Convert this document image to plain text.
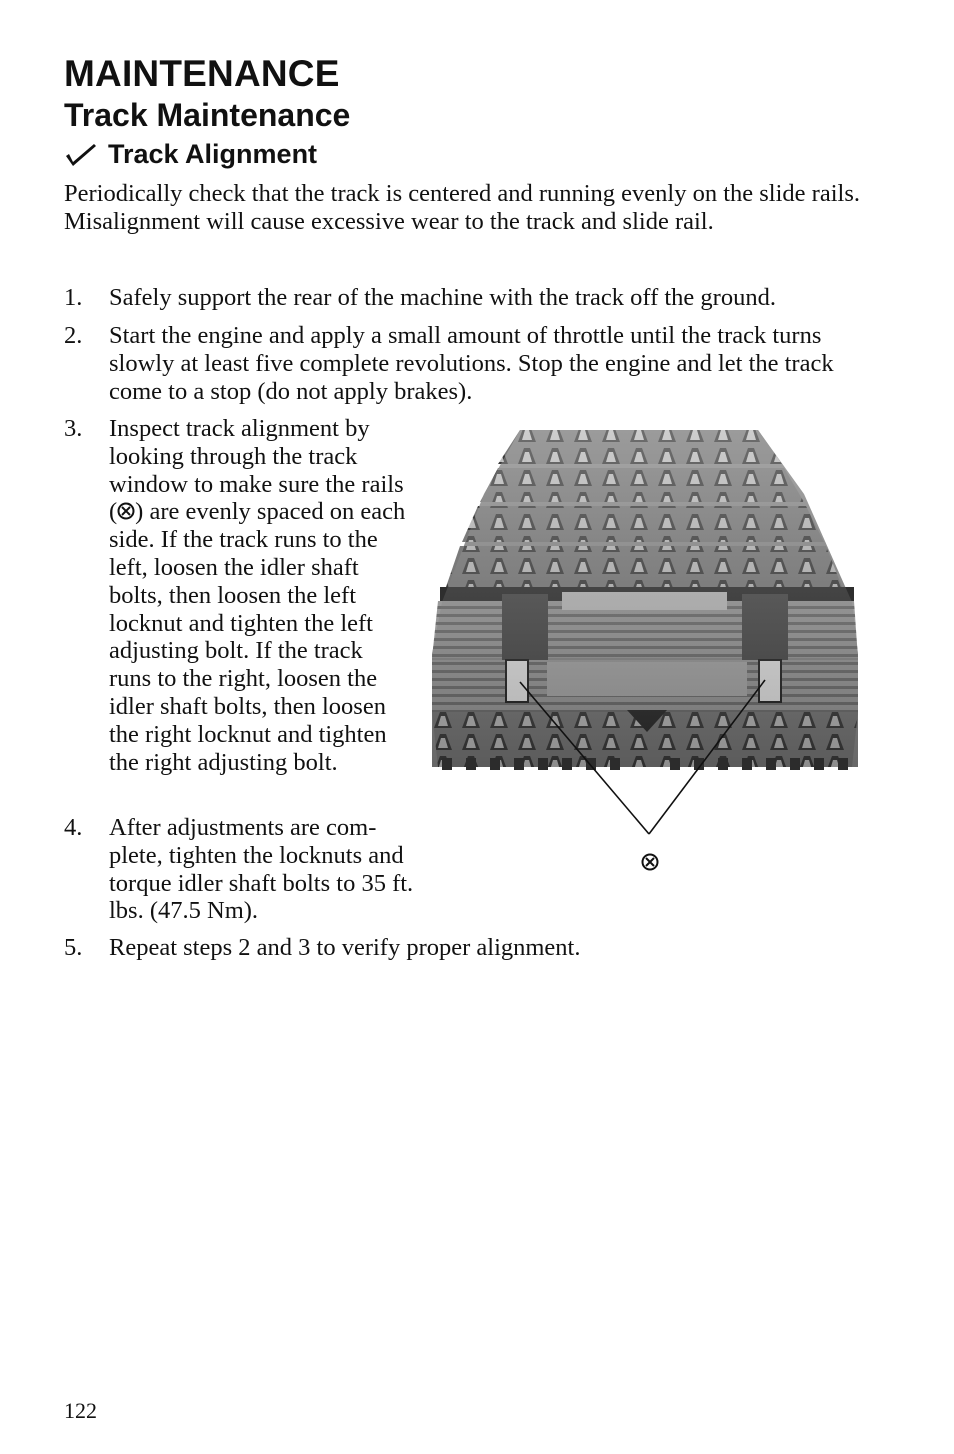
MAINTENANCE
Track Maintenance
Track Alignment

Periodically check that the track is centered and running evenly on the slide rails. Misalignment will cause excessive wear to the track and slide rail.

1. Safely support the rear of the machine with the track off the ground.
2. Start the engine and apply a small amount of throttle until the track turns slowly at least five complete revolutions. Stop the engine and let the track come to a stop (do not apply brakes).
3. Inspect track alignment by looking through the track window to make sure the rails ( ) are evenly spaced on each side. If the track runs to the left, loosen the idler shaft bolts, then loosen the left locknut and tighten the left adjusting bolt. If the track runs to the right, loosen the idler shaft bolts, then loosen the right locknut and tighten the right adjusting bolt.
4. After adjustments are com-plete, tighten the locknuts and torque idler shaft bolts to 35 ft. lbs. (47.5 Nm).
5. Repeat steps 2 and 3 to verify proper alignment.

122
